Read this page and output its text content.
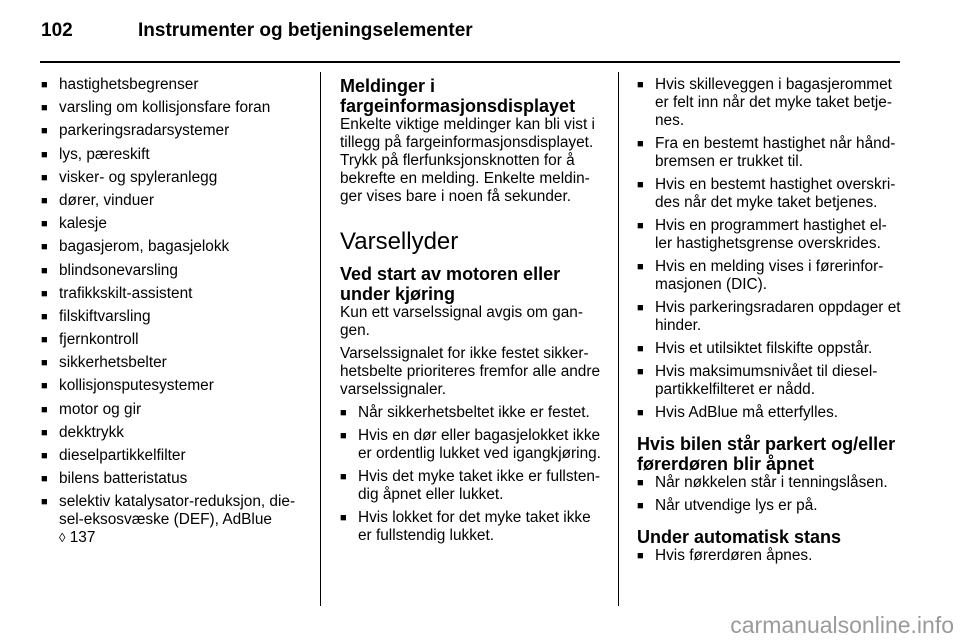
102	Instrumenter og betjeningselementer
■ hastighetsbegrenser
■ varsling om kollisjonsfare foran
■ parkeringsradarsystemer
■ lys, pæreskift
■ visker- og spyleranlegg
■ dører, vinduer
■ kalesje
■ bagasjerom, bagasjelokk
■ blindsonevarsling
■ trafikkskilt-assistent
■ filskiftvarsling
■ fjernkontroll
■ sikkerhetsbelter
■ kollisjonsputesystemer
■ motor og gir
■ dekktrykk
■ dieselpartikkelfilter
■ bilens batteristatus
■ selektiv katalysator-reduksjon, die-sel-eksosvæske (DEF), AdBlue
◊ 137
Meldinger i fargeinformasjonsdisplayet

Enkelte viktige meldinger kan bli vist i tillegg på fargeinformasjonsdisplayet. Trykk på flerfunksjonsknotten for å bekrefte en melding. Enkelte meldin-ger vises bare i noen få sekunder.

Varsellyder
Ved start av motoren eller under kjøring

Kun ett varselssignal avgis om gan-gen.

Varselssignalet for ikke festet sikker-hetsbelte prioriteres fremfor alle andre varselssignaler.

■ Når sikkerhetsbeltet ikke er festet.
■ Hvis en dør eller bagasjelokket ikke er ordentlig lukket ved igangkjøring.
■ Hvis det myke taket ikke er fullsten-dig åpnet eller lukket.
■ Hvis lokket for det myke taket ikke er fullstendig lukket.
■ Hvis skilleveggen i bagasjerommet er felt inn når det myke taket betje-nes.
■ Fra en bestemt hastighet når hånd-bremsen er trukket til.
■ Hvis en bestemt hastighet overskri-des når det myke taket betjenes.
■ Hvis en programmert hastighet el-ler hastighetsgrense overskrides.
■ Hvis en melding vises i førerinfor-masjonen (DIC).
■ Hvis parkeringsradaren oppdager et hinder.
■ Hvis et utilsiktet filskifte oppstår.
■ Hvis maksimumsnivået til diesel-partikkelfilteret er nådd.
■ Hvis AdBlue må etterfylles.
Hvis bilen står parkert og/eller førerdøren blir åpnet
■ Når nøkkelen står i tenningslåsen.
■ Når utvendige lys er på.
Under automatisk stans
■ Hvis førerdøren åpnes.
carmanualsonline.info
